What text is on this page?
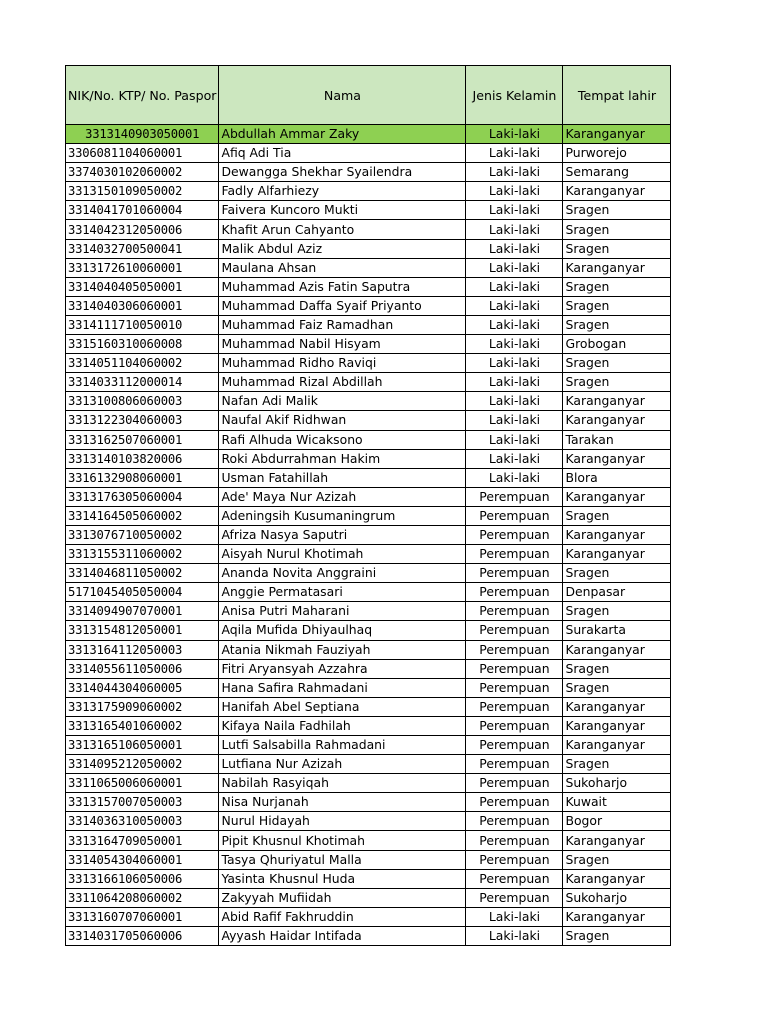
NIK/No. KTP/ No. Paspor	Nama	Jenis Kelamin	Tempat lahir
3313140903050001	Abdullah Ammar Zaky	Laki-laki	Karanganyar
3306081104060001	Afiq Adi Tia	Laki-laki	Purworejo
3374030102060002	Dewangga Shekhar Syailendra	Laki-laki	Semarang
3313150109050002	Fadly Alfarhiezy	Laki-laki	Karanganyar
3314041701060004	Faivera Kuncoro Mukti	Laki-laki	Sragen
3314042312050006	Khafit Arun Cahyanto	Laki-laki	Sragen
3314032700500041	Malik Abdul Aziz	Laki-laki	Sragen
3313172610060001	Maulana Ahsan	Laki-laki	Karanganyar
3314040405050001	Muhammad Azis Fatin Saputra	Laki-laki	Sragen
3314040306060001	Muhammad Daffa Syaif Priyanto	Laki-laki	Sragen
3314111710050010	Muhammad Faiz Ramadhan	Laki-laki	Sragen
3315160310060008	Muhammad Nabil Hisyam	Laki-laki	Grobogan
3314051104060002	Muhammad Ridho Raviqi	Laki-laki	Sragen
3314033112000014	Muhammad Rizal Abdillah	Laki-laki	Sragen
3313100806060003	Nafan Adi Malik	Laki-laki	Karanganyar
3313122304060003	Naufal Akif Ridhwan	Laki-laki	Karanganyar
3313162507060001	Rafi Alhuda Wicaksono	Laki-laki	Tarakan
3313140103820006	Roki Abdurrahman Hakim	Laki-laki	Karanganyar
3316132908060001	Usman Fatahillah	Laki-laki	Blora
3313176305060004	Ade' Maya Nur Azizah	Perempuan	Karanganyar
3314164505060002	Adeningsih Kusumaningrum	Perempuan	Sragen
3313076710050002	Afriza Nasya Saputri	Perempuan	Karanganyar
3313155311060002	Aisyah Nurul Khotimah	Perempuan	Karanganyar
3314046811050002	Ananda Novita Anggraini	Perempuan	Sragen
5171045405050004	Anggie Permatasari	Perempuan	Denpasar
3314094907070001	Anisa Putri Maharani	Perempuan	Sragen
3313154812050001	Aqila Mufida Dhiyaulhaq	Perempuan	Surakarta
3313164112050003	Atania Nikmah Fauziyah	Perempuan	Karanganyar
3314055611050006	Fitri Aryansyah Azzahra	Perempuan	Sragen
3314044304060005	Hana Safira Rahmadani	Perempuan	Sragen
3313175909060002	Hanifah Abel Septiana	Perempuan	Karanganyar
3313165401060002	Kifaya Naila Fadhilah	Perempuan	Karanganyar
3313165106050001	Lutfi Salsabilla Rahmadani	Perempuan	Karanganyar
3314095212050002	Lutfiana Nur Azizah	Perempuan	Sragen
3311065006060001	Nabilah Rasyiqah	Perempuan	Sukoharjo
3313157007050003	Nisa Nurjanah	Perempuan	Kuwait
3314036310050003	Nurul Hidayah	Perempuan	Bogor
3313164709050001	Pipit Khusnul Khotimah	Perempuan	Karanganyar
3314054304060001	Tasya Qhuriyatul Malla	Perempuan	Sragen
3313166106050006	Yasinta Khusnul Huda	Perempuan	Karanganyar
3311064208060002	Zakyyah Mufiidah	Perempuan	Sukoharjo
3313160707060001	Abid Rafif Fakhruddin	Laki-laki	Karanganyar
3314031705060006	Ayyash Haidar Intifada	Laki-laki	Sragen
